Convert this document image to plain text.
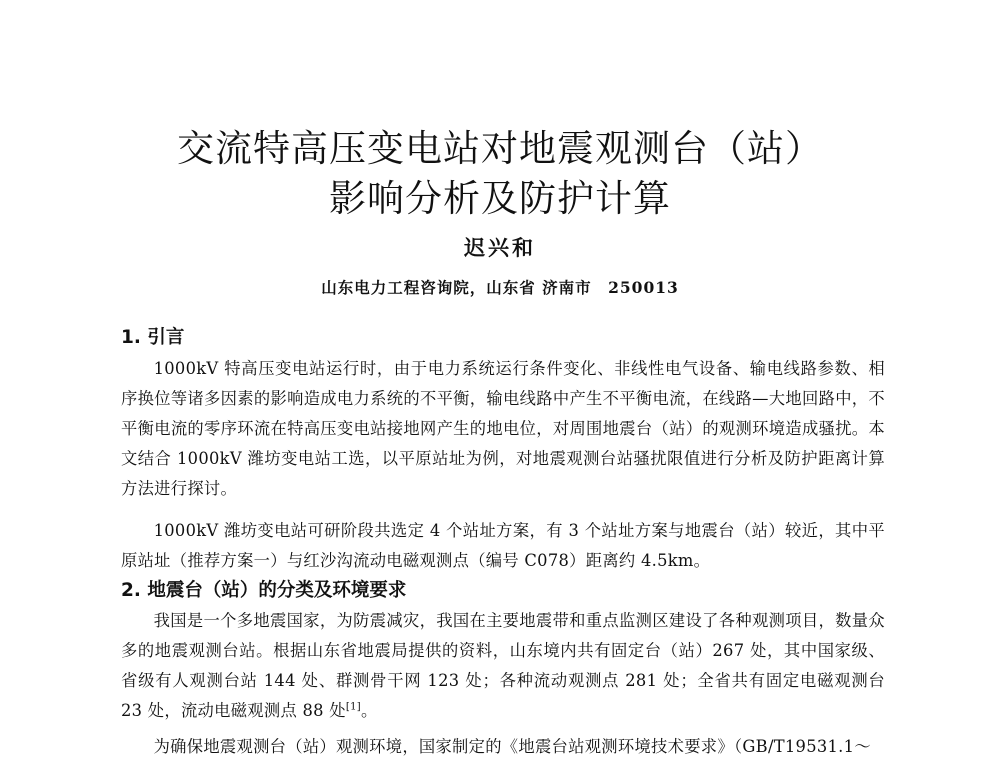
交流特高压变电站对地震观测台（站）
影响分析及防护计算
迟兴和
山东电力工程咨询院，山东省 济南市　250013
1. 引言

1000kV 特高压变电站运行时，由于电力系统运行条件变化、非线性电气设备、输电线路参数、相序换位等诸多因素的影响造成电力系统的不平衡，输电线路中产生不平衡电流，在线路—大地回路中，不平衡电流的零序环流在特高压变电站接地网产生的地电位，对周围地震台（站）的观测环境造成骚扰。本文结合 1000kV 潍坊变电站工选，以平原站址为例，对地震观测台站骚扰限值进行分析及防护距离计算方法进行探讨。

1000kV 潍坊变电站可研阶段共选定 4 个站址方案，有 3 个站址方案与地震台（站）较近，其中平原站址（推荐方案一）与红沙沟流动电磁观测点（编号 C078）距离约 4.5km。

2. 地震台（站）的分类及环境要求

我国是一个多地震国家，为防震减灾，我国在主要地震带和重点监测区建设了各种观测项目，数量众多的地震观测台站。根据山东省地震局提供的资料，山东境内共有固定台（站）267 处，其中国家级、省级有人观测台站 144 处、群测骨干网 123 处；各种流动观测点 281 处；全省共有固定电磁观测台 23 处，流动电磁观测点 88 处[1]。

为确保地震观测台（站）观测环境，国家制定的《地震台站观测环境技术要求》（GB/T19531.1～
